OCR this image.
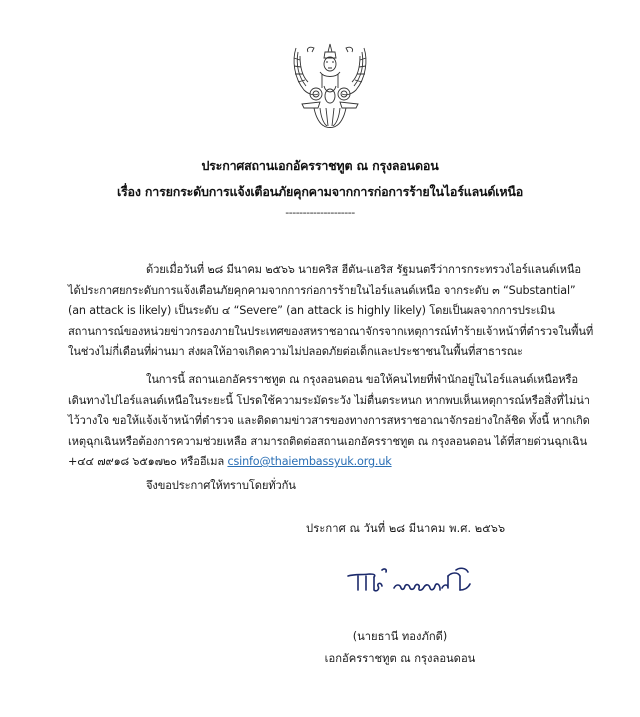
ประกาศสถานเอกอัครราชทูต ณ กรุงลอนดอน
เรื่อง การยกระดับการแจ้งเตือนภัยคุกคามจากการก่อการร้ายในไอร์แลนด์เหนือ
--------------------
ด้วยเมื่อวันที่ ๒๘ มีนาคม ๒๕๖๖ นายคริส ฮีตัน-แฮริส รัฐมนตรีว่าการกระทรวงไอร์แลนด์เหนือ
ได้ประกาศยกระดับการแจ้งเตือนภัยคุกคามจากการก่อการร้ายในไอร์แลนด์เหนือ จากระดับ ๓ “Substantial”
(an attack is likely) เป็นระดับ ๔ “Severe” (an attack is highly likely) โดยเป็นผลจากการประเมิน
สถานการณ์ของหน่วยข่าวกรองภายในประเทศของสหราชอาณาจักรจากเหตุการณ์ทำร้ายเจ้าหน้าที่ตำรวจในพื้นที่
ในช่วงไม่กี่เดือนที่ผ่านมา ส่งผลให้อาจเกิดความไม่ปลอดภัยต่อเด็กและประชาชนในพื้นที่สาธารณะ
ในการนี้ สถานเอกอัครราชทูต ณ กรุงลอนดอน ขอให้คนไทยที่พำนักอยู่ในไอร์แลนด์เหนือหรือ
เดินทางไปไอร์แลนด์เหนือในระยะนี้ โปรดใช้ความระมัดระวัง ไม่ตื่นตระหนก หากพบเห็นเหตุการณ์หรือสิ่งที่ไม่น่า
ไว้วางใจ ขอให้แจ้งเจ้าหน้าที่ตำรวจ และติดตามข่าวสารของทางการสหราชอาณาจักรอย่างใกล้ชิด ทั้งนี้ หากเกิด
เหตุฉุกเฉินหรือต้องการความช่วยเหลือ สามารถติดต่อสถานเอกอัครราชทูต ณ กรุงลอนดอน ได้ที่สายด่วนฉุกเฉิน
+๔๔ ๗๙๑๘ ๖๕๑๗๒๐ หรืออีเมล csinfo@thaiembassyuk.org.uk
จึงขอประกาศให้ทราบโดยทั่วกัน
ประกาศ ณ วันที่ ๒๘ มีนาคม พ.ศ. ๒๕๖๖
(นายธานี ทองภักดี)
เอกอัครราชทูต ณ กรุงลอนดอน
